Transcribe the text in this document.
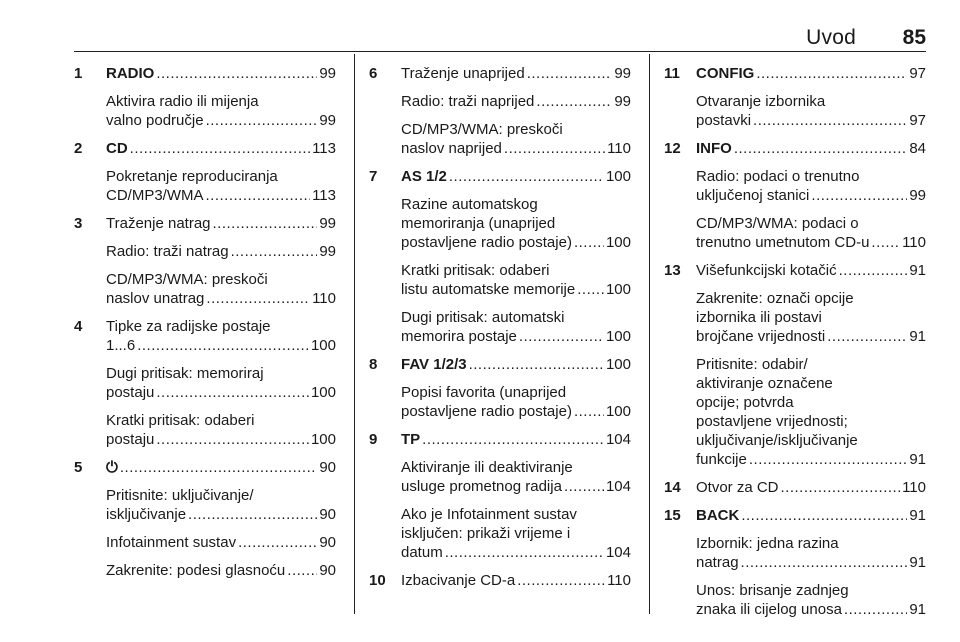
Uvod 85
1	RADIO .....	99
Aktivira radio ili mijenja
valno područje .....	99
2	CD .....	113
Pokretanje reproduciranja
CD/MP3/WMA .....	113
3	Traženje natrag .....	99
Radio: traži natrag .....	99
CD/MP3/WMA: preskoči
naslov unatrag .....	110
4	Tipke za radijske postaje
1...6 .....	100
Dugi pritisak: memoriraj
postaju .....	100
Kratki pritisak: odaberi
postaju .....	100
5	⏻ .....	90
Pritisnite: uključivanje/
isključivanje .....	90
Infotainment sustav .....	90
Zakrenite: podesi glasnoću ..... 90
6	Traženje unaprijed .....	99
Radio: traži naprijed .....	99
CD/MP3/WMA: preskoči
naslov naprijed .....	110
7	AS 1/2 .....	100
Razine automatskog
memoriranja (unaprijed
postavljene radio postaje) ..... 100
Kratki pritisak: odaberi
listu automatske memorije ..... 100
Dugi pritisak: automatski
memorira postaje .....	100
8	FAV 1/2/3 .....	100
Popisi favorita (unaprijed
postavljene radio postaje) ..... 100
9	TP .....	104
Aktiviranje ili deaktiviranje
usluge prometnog radija .....	104
Ako je Infotainment sustav
isključen: prikaži vrijeme i
datum .....	104
10	Izbacivanje CD-a .....	110
11	CONFIG .....	97
Otvaranje izbornika
postavki .....	97
12	INFO .....	84
Radio: podaci o trenutno
uključenoj stanici .....	99
CD/MP3/WMA: podaci o
trenutno umetnutom CD-u ..... 110
13	Višefunkcijski kotačić .....	91
Zakrenite: označi opcije
izbornika ili postavi
brojčane vrijednosti .....	91
Pritisnite: odabir/
aktiviranje označene
opcije; potvrda
postavljene vrijednosti;
uključivanje/isključivanje
funkcije .....	91
14	Otvor za CD .....	110
15	BACK .....	91
Izbornik: jedna razina
natrag .....	91
Unos: brisanje zadnjeg
znaka ili cijelog unosa .....	91
